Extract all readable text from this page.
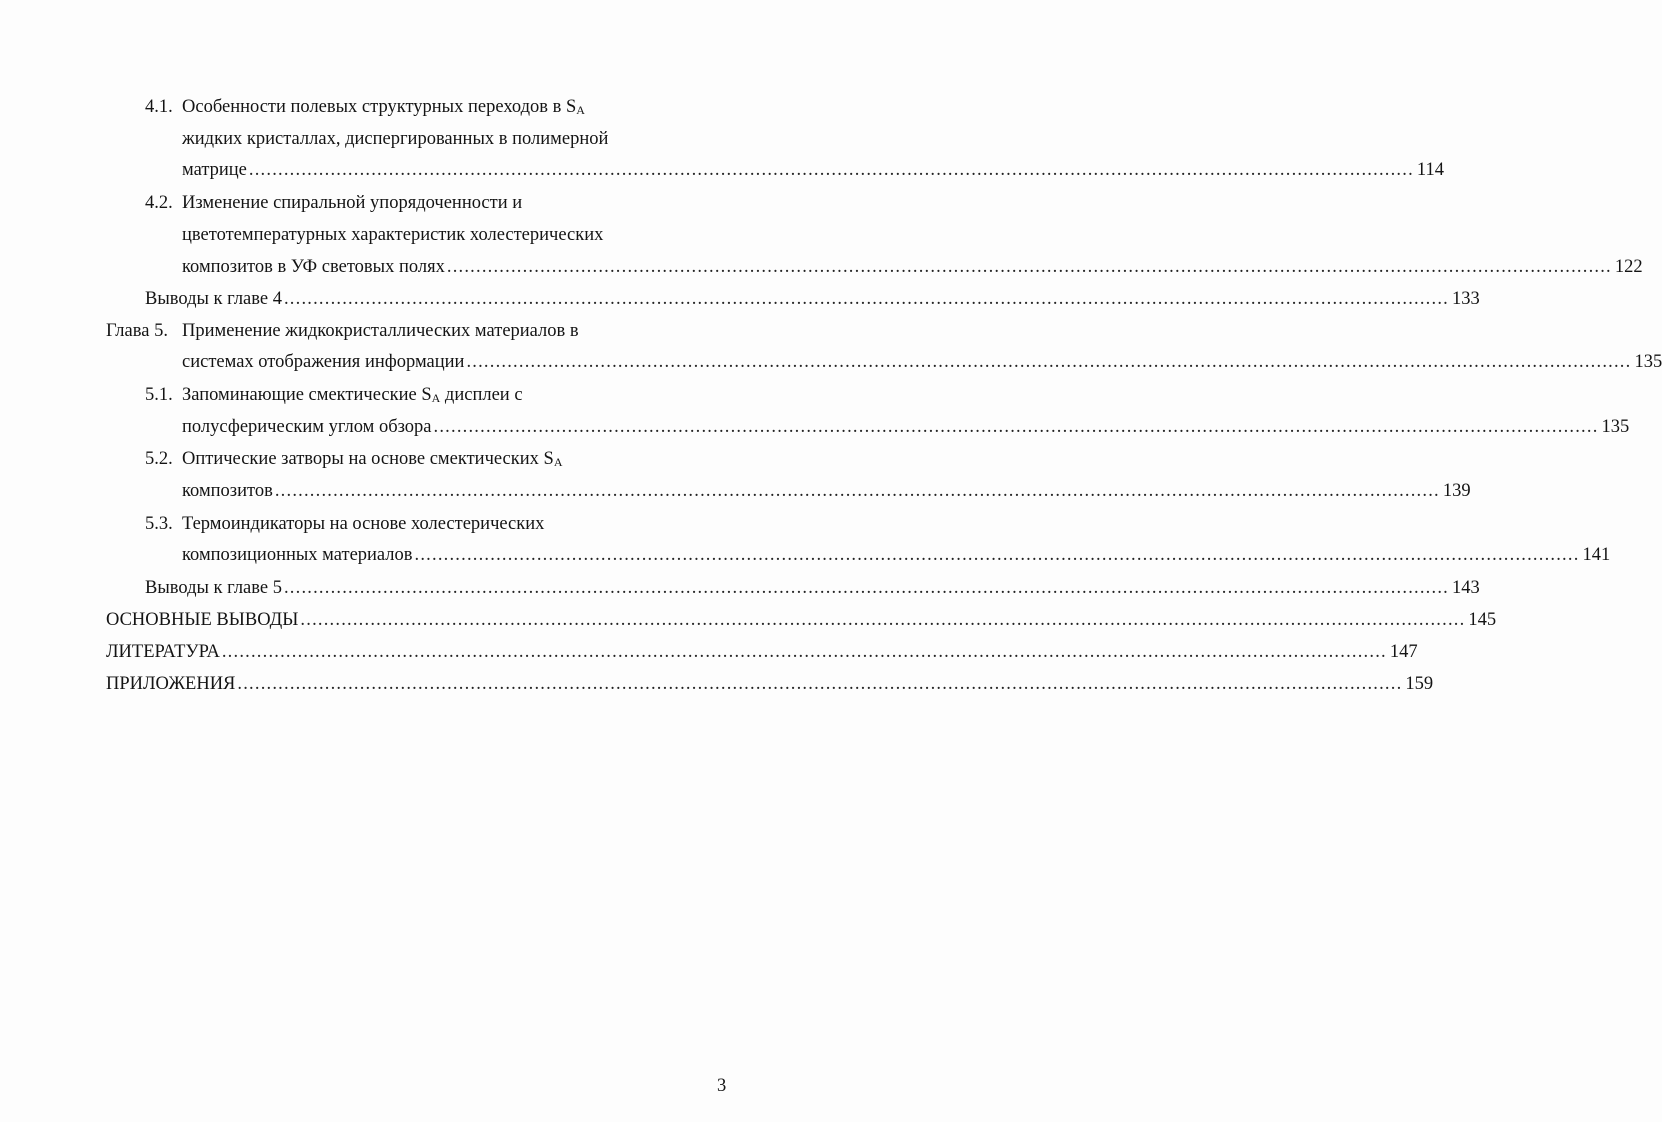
4.1. Особенности полевых структурных переходов в $S_A$
жидких кристаллах, диспергированных в полимерной
матрице ........................................................................................................................................................................................................ 114
4.2. Изменение спиральной упорядоченности и
цветотемпературных характеристик холестерических
композитов в УФ световых полях ........................................................................................................................................................................................................ 122
Выводы к главе 4 ........................................................................................................................................................................................................ 133
Глава 5. Применение жидкокристаллических материалов в
системах отображения информации ........................................................................................................................................................................................................ 135
5.1. Запоминающие смектические $S_A$ дисплеи с
полусферическим углом обзора ........................................................................................................................................................................................................ 135
5.2. Оптические затворы на основе смектических $S_A$
композитов ........................................................................................................................................................................................................ 139
5.3. Термоиндикаторы на основе холестерических
композиционных материалов ........................................................................................................................................................................................................ 141
Выводы к главе 5 ........................................................................................................................................................................................................ 143
ОСНОВНЫЕ ВЫВОДЫ ........................................................................................................................................................................................................ 145
ЛИТЕРАТУРА ........................................................................................................................................................................................................ 147
ПРИЛОЖЕНИЯ ........................................................................................................................................................................................................ 159
3
